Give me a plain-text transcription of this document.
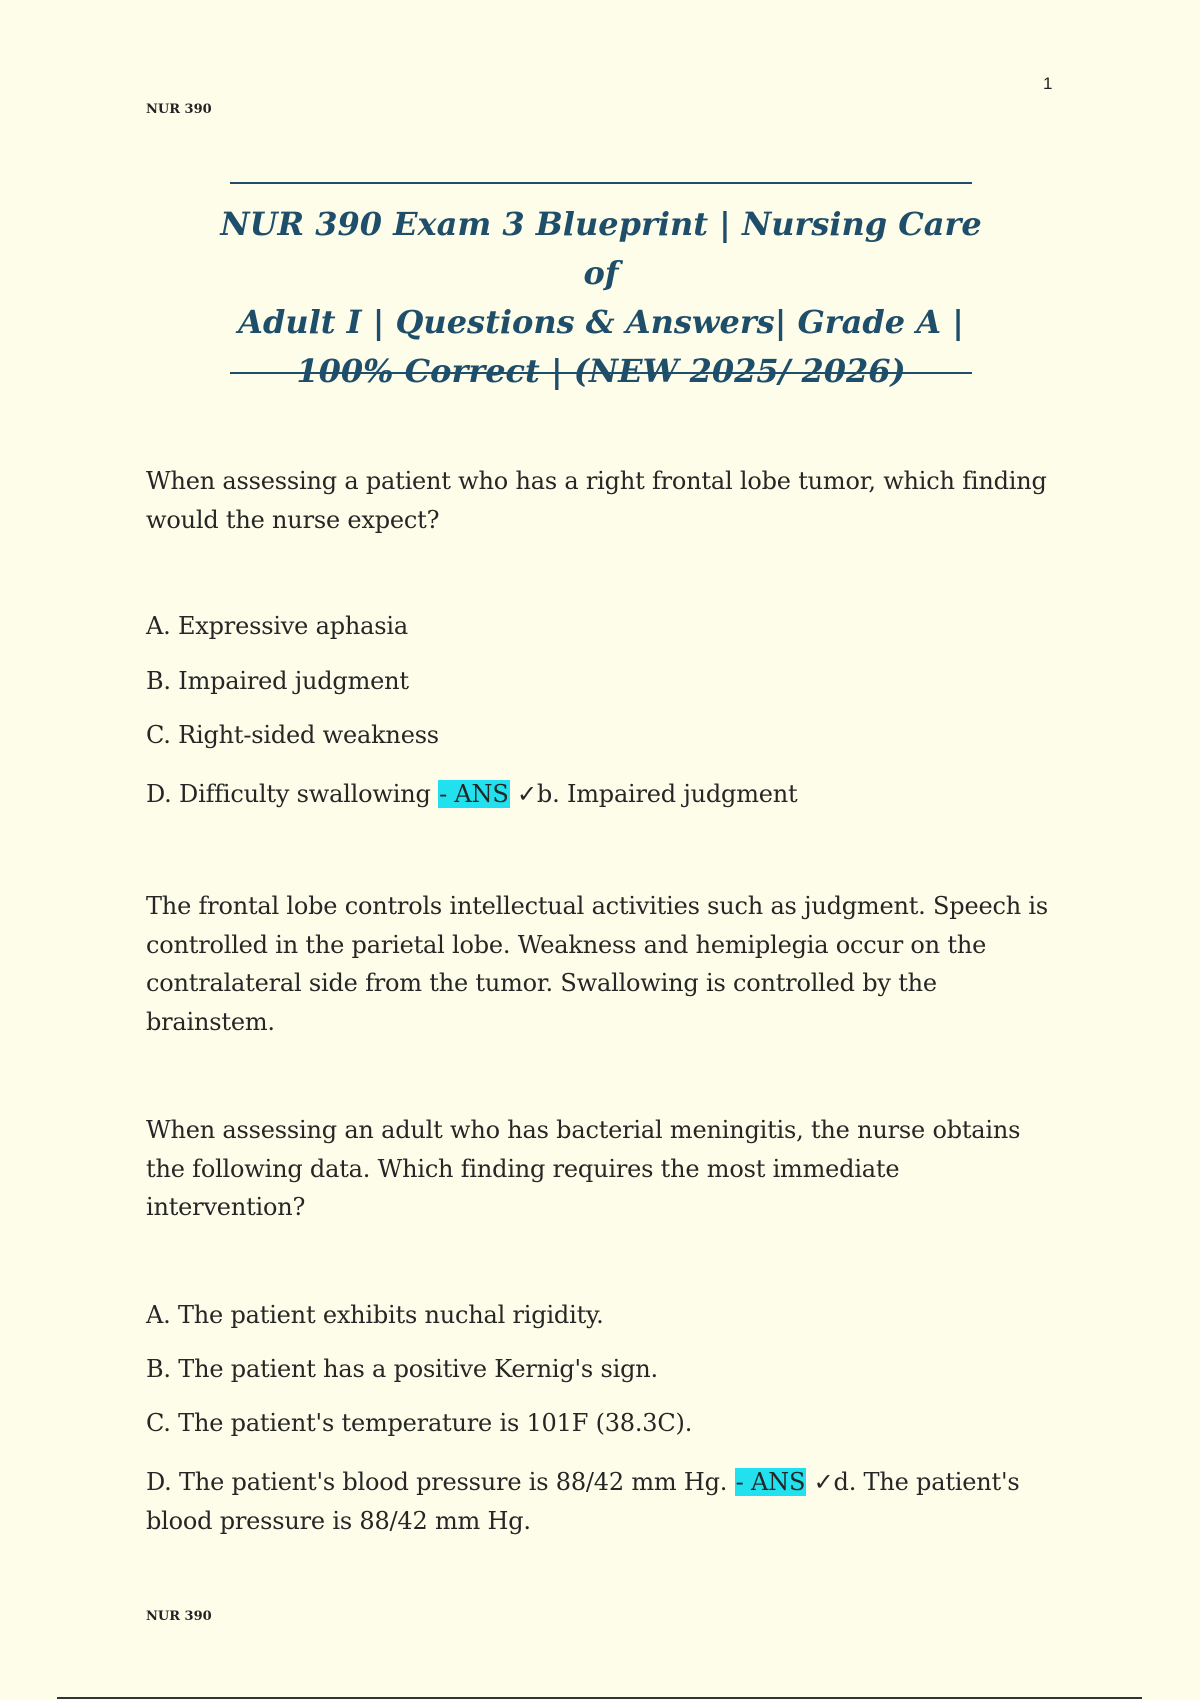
1
NUR 390
NUR 390 Exam 3 Blueprint | Nursing Care of
Adult I | Questions & Answers| Grade A |
100% Correct | (NEW 2025/ 2026)
When assessing a patient who has a right frontal lobe tumor, which finding
would the nurse expect?
A. Expressive aphasia
B. Impaired judgment
C. Right-sided weakness
D. Difficulty swallowing - ANS ✓b. Impaired judgment
The frontal lobe controls intellectual activities such as judgment. Speech is
controlled in the parietal lobe. Weakness and hemiplegia occur on the
contralateral side from the tumor. Swallowing is controlled by the
brainstem.
When assessing an adult who has bacterial meningitis, the nurse obtains
the following data. Which finding requires the most immediate
intervention?
A. The patient exhibits nuchal rigidity.
B. The patient has a positive Kernig's sign.
C. The patient's temperature is 101F (38.3C).
D. The patient's blood pressure is 88/42 mm Hg. - ANS ✓d. The patient's
blood pressure is 88/42 mm Hg.
NUR 390
